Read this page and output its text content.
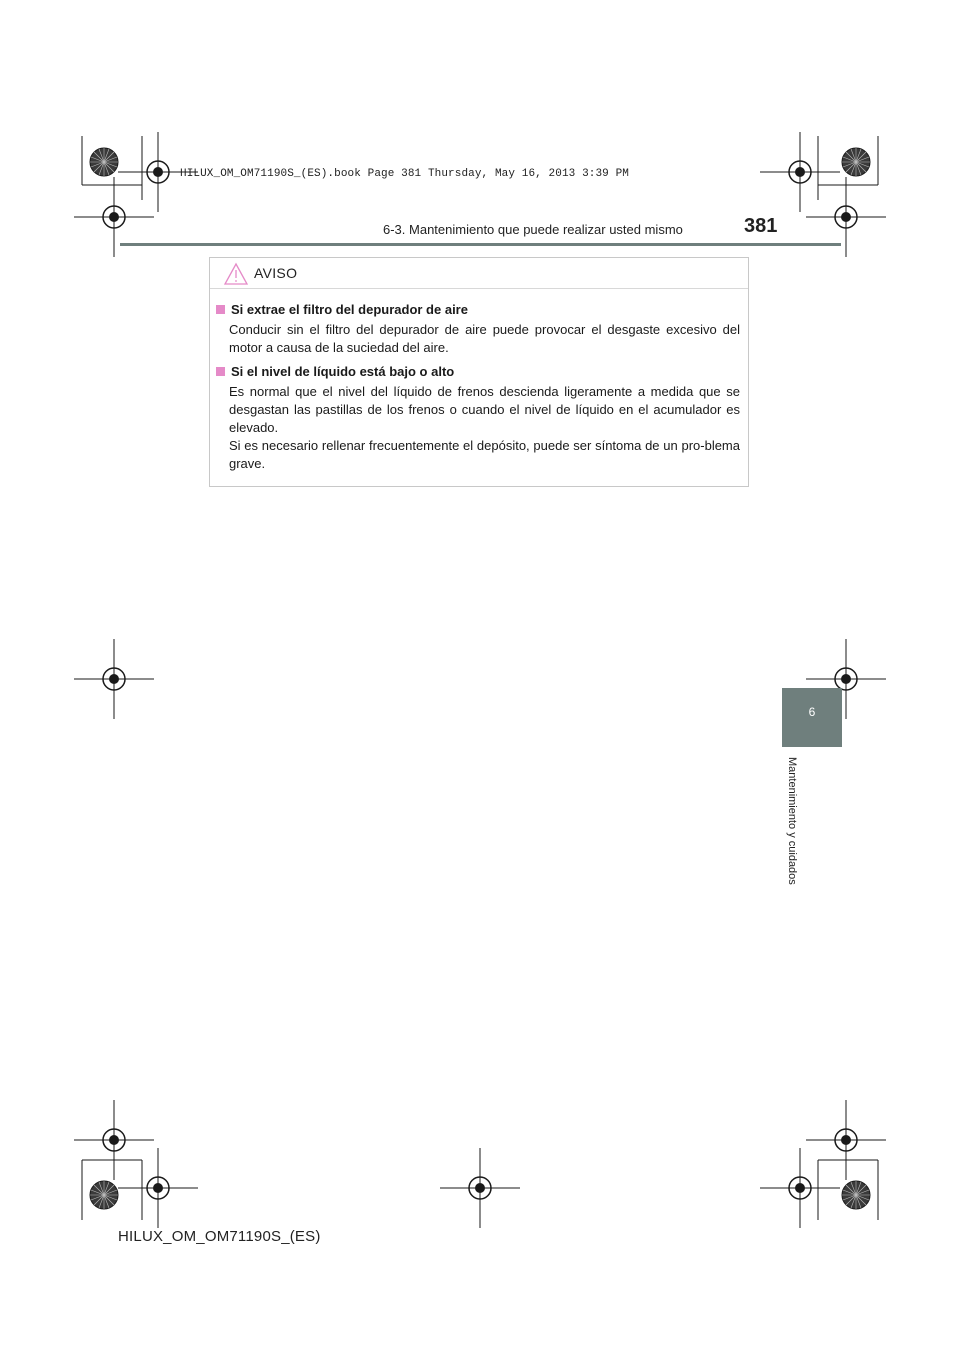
HILUX_OM_OM71190S_(ES).book Page 381 Thursday, May 16, 2013 3:39 PM
6-3. Mantenimiento que puede realizar usted mismo	381
AVISO
Si extrae el filtro del depurador de aire
Conducir sin el filtro del depurador de aire puede provocar el desgaste excesivo del motor a causa de la suciedad del aire.
Si el nivel de líquido está bajo o alto
Es normal que el nivel del líquido de frenos descienda ligeramente a medida que se desgastan las pastillas de los frenos o cuando el nivel de líquido en el acumulador es elevado.
Si es necesario rellenar frecuentemente el depósito, puede ser síntoma de un pro-blema grave.
6
Mantenimiento y cuidados
HILUX_OM_OM71190S_(ES)
